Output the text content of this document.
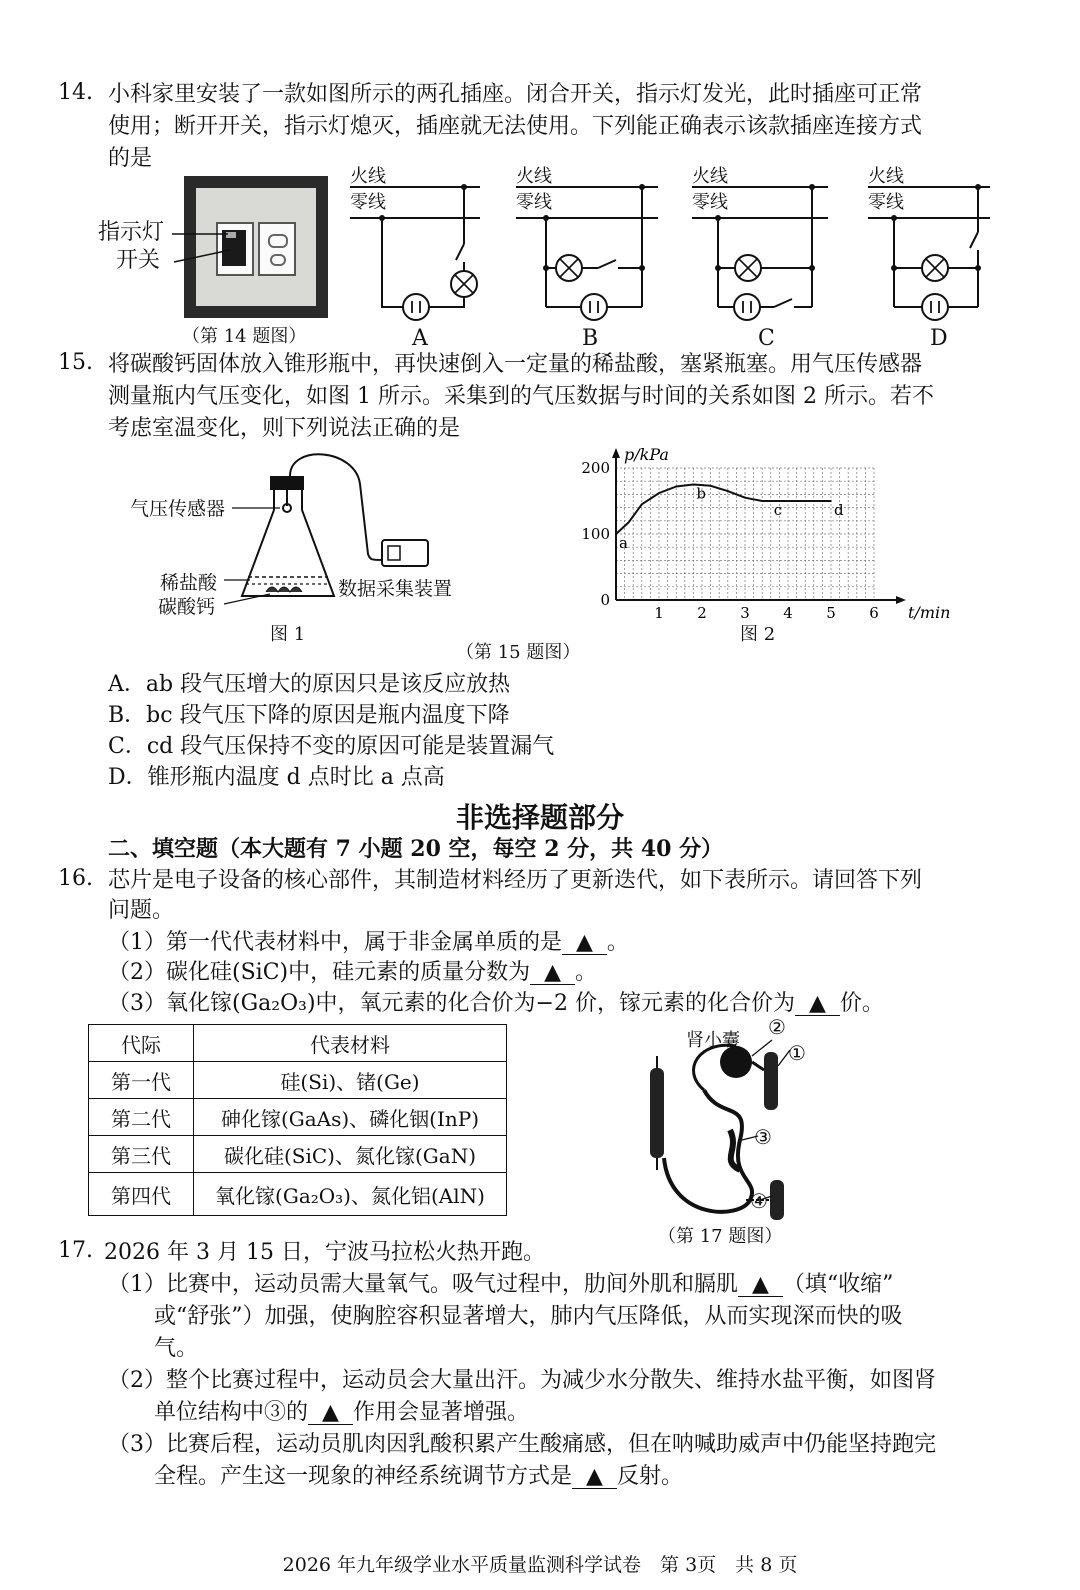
14. 小科家里安装了一款如图所示的两孔插座。闭合开关，指示灯发光，此时插座可正常
使用；断开开关，指示灯熄灭，插座就无法使用。下列能正确表示该款插座连接方式
的是
指示灯
开关
（第 14 题图）
火线
零线
A
火线
零线
B
火线
零线
C
火线
零线
D
15. 将碳酸钙固体放入锥形瓶中，再快速倒入一定量的稀盐酸，塞紧瓶塞。用气压传感器
测量瓶内气压变化，如图 1 所示。采集到的气压数据与时间的关系如图 2 所示。若不
考虑室温变化，则下列说法正确的是
气压传感器
稀盐酸
碳酸钙
数据采集装置
图 1
p/kPa
t/min
1 2 3 4 5 6
0
100
200
a
b
c	d
图 2
（第 15 题图）
A．ab 段气压增大的原因只是该反应放热
B．bc 段气压下降的原因是瓶内温度下降
C．cd 段气压保持不变的原因可能是装置漏气
D．锥形瓶内温度 d 点时比 a 点高
非选择题部分
二、填空题（本大题有 7 小题 20 空，每空 2 分，共 40 分）
16. 芯片是电子设备的核心部件，其制造材料经历了更新迭代，如下表所示。请回答下列
问题。
（1）第一代代表材料中，属于非金属单质的是 ▲ 。
（2）碳化硅(SiC)中，硅元素的质量分数为 ▲ 。
（3）氧化镓(Ga₂O₃)中，氧元素的化合价为−2 价，镓元素的化合价为 ▲ 价。
代际	代表材料
第一代	硅(Si)、锗(Ge)
第二代	砷化镓(GaAs)、磷化铟(InP)
第三代	碳化硅(SiC)、氮化镓(GaN)
第四代	氧化镓(Ga₂O₃)、氮化铝(AlN)
肾小囊
②
①
③
④
（第 17 题图）
17. 2026 年 3 月 15 日，宁波马拉松火热开跑。
（1）比赛中，运动员需大量氧气。吸气过程中，肋间外肌和膈肌 ▲ （填“收缩”
或“舒张”）加强，使胸腔容积显著增大，肺内气压降低，从而实现深而快的吸
气。
（2）整个比赛过程中，运动员会大量出汗。为减少水分散失、维持水盐平衡，如图肾
单位结构中③的 ▲ 作用会显著增强。
（3）比赛后程，运动员肌肉因乳酸积累产生酸痛感，但在呐喊助威声中仍能坚持跑完
全程。产生这一现象的神经系统调节方式是 ▲ 反射。
2026 年九年级学业水平质量监测科学试卷　第 3页　共 8 页
